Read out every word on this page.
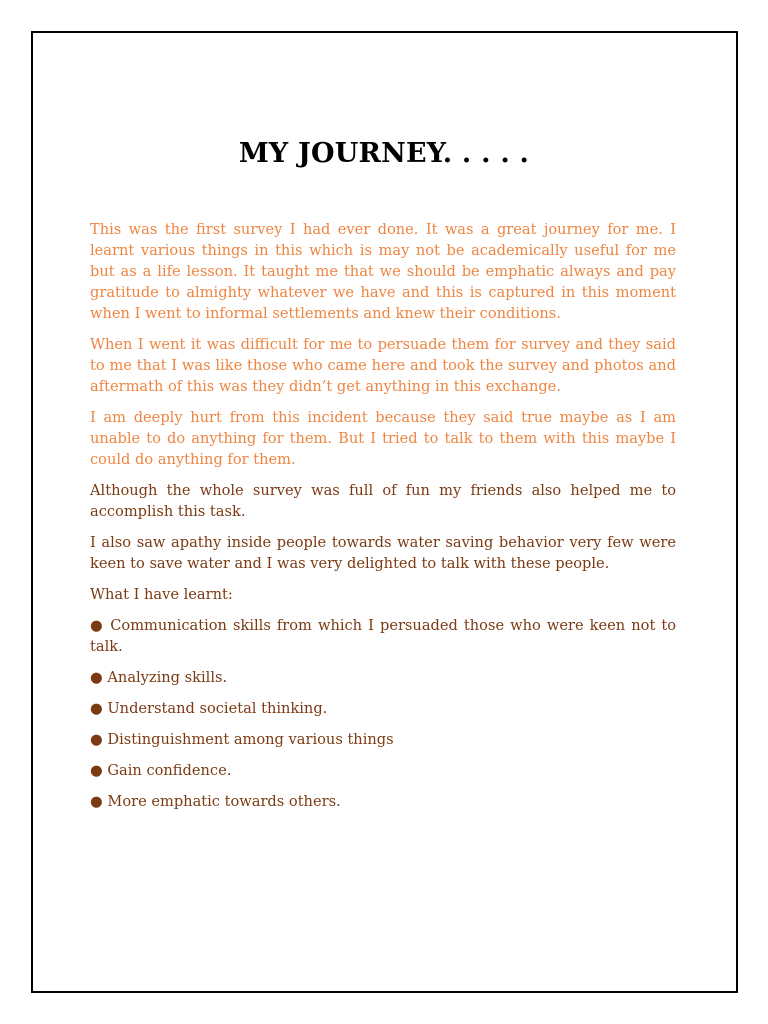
MY JOURNEY. . . . .

This was the first survey I had ever done. It was a great journey for me. I learnt various things in this which is may not be academically useful for me but as a life lesson. It taught me that we should be emphatic always and pay gratitude to almighty whatever we have and this is captured in this moment when I went to informal settlements and knew their conditions.

When I went it was difficult for me to persuade them for survey and they said to me that I was like those who came here and took the survey and photos and aftermath of this was they didn’t get anything in this exchange.

I am deeply hurt from this incident because they said true maybe as I am unable to do anything for them. But I tried to talk to them with this maybe I could do anything for them.

Although the whole survey was full of fun my friends also helped me to accomplish this task.

I also saw apathy inside people towards water saving behavior very few were keen to save water and I was very delighted to talk with these people.

What I have learnt:

● Communication skills from which I persuaded those who were keen not to talk.

● Analyzing skills.

● Understand societal thinking.

● Distinguishment among various things

● Gain confidence.

● More emphatic towards others.
